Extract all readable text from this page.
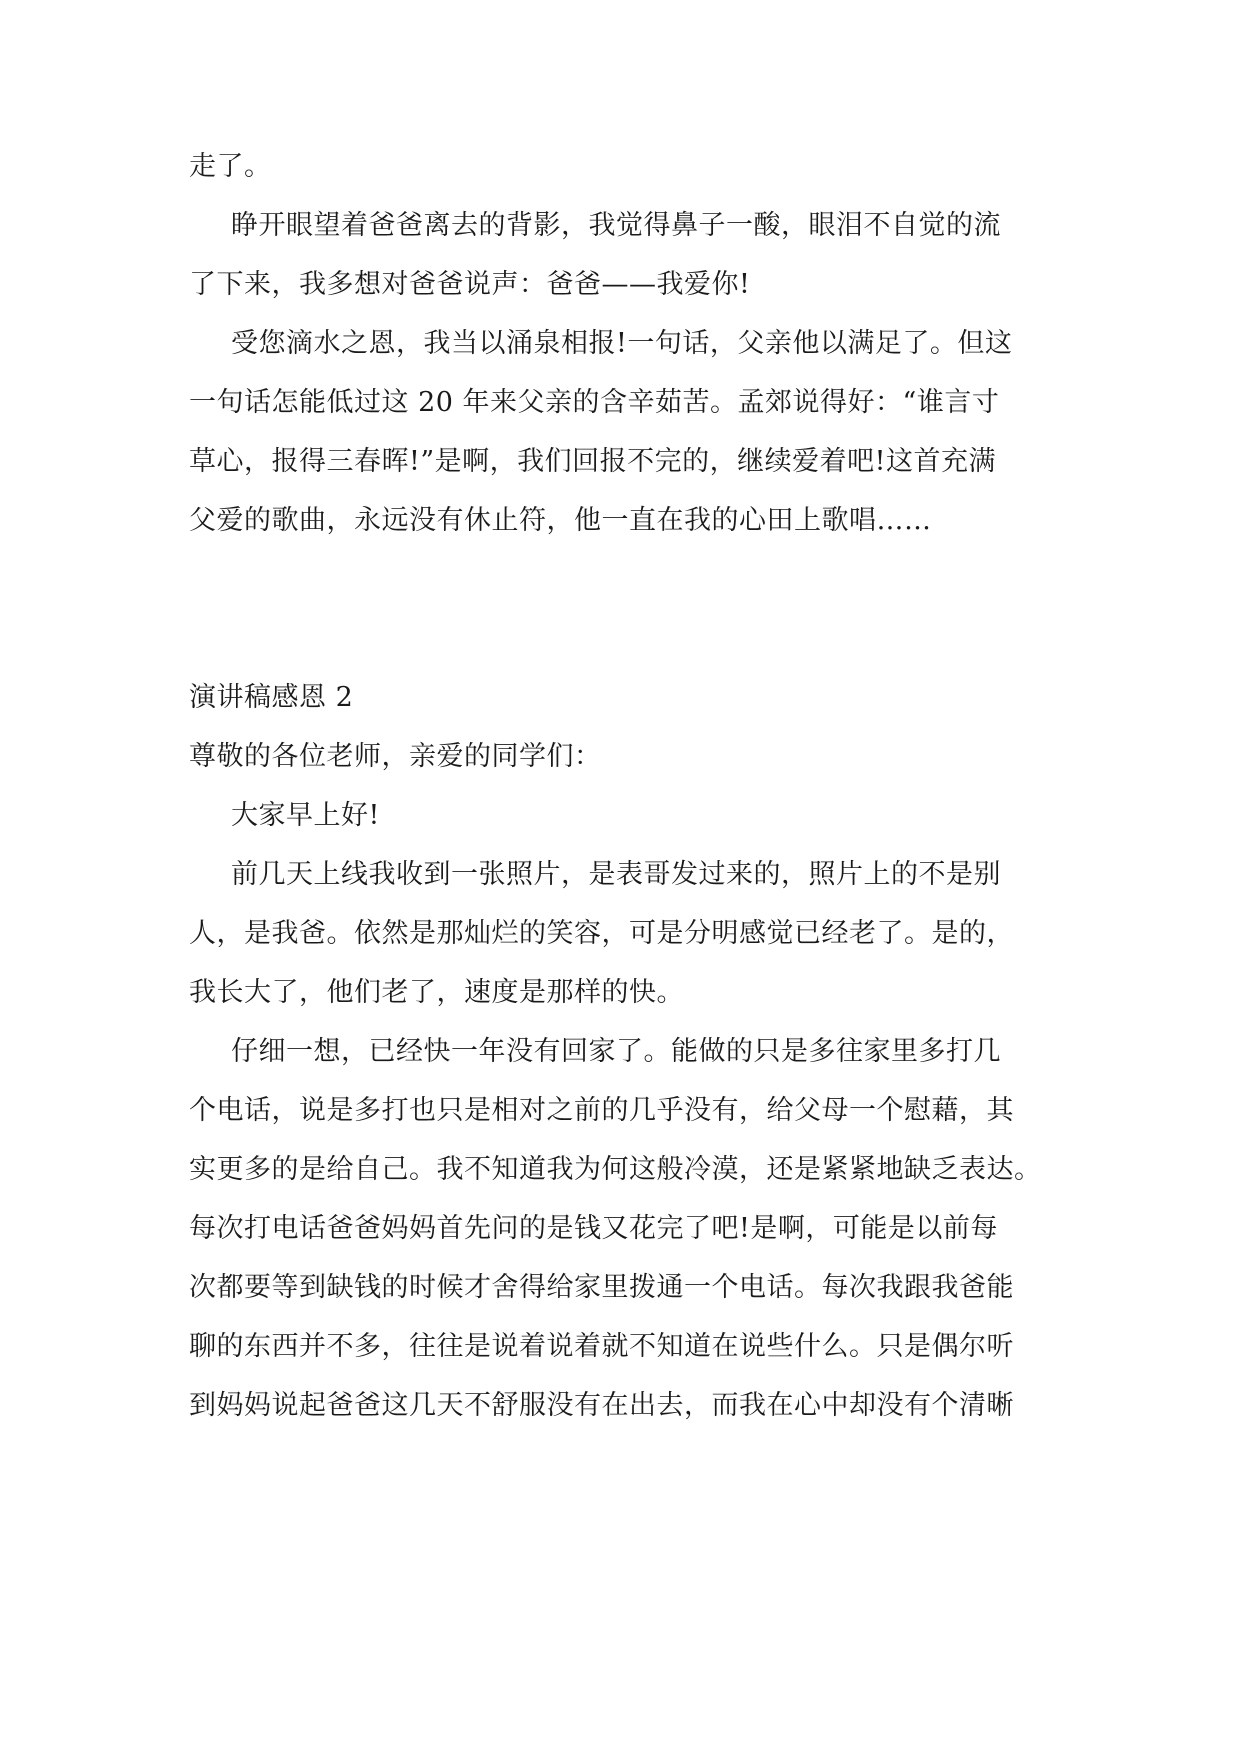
走了。
睁开眼望着爸爸离去的背影，我觉得鼻子一酸，眼泪不自觉的流
了下来，我多想对爸爸说声：爸爸——我爱你!
受您滴水之恩，我当以涌泉相报!一句话，父亲他以满足了。但这
一句话怎能低过这 20 年来父亲的含辛茹苦。孟郊说得好：“谁言寸
草心，报得三春晖!”是啊，我们回报不完的，继续爱着吧!这首充满
父爱的歌曲，永远没有休止符，他一直在我的心田上歌唱……
演讲稿感恩 2
尊敬的各位老师，亲爱的同学们：
大家早上好!
前几天上线我收到一张照片，是表哥发过来的，照片上的不是别
人，是我爸。依然是那灿烂的笑容，可是分明感觉已经老了。是的，
我长大了，他们老了，速度是那样的快。
仔细一想，已经快一年没有回家了。能做的只是多往家里多打几
个电话，说是多打也只是相对之前的几乎没有，给父母一个慰藉，其
实更多的是给自己。我不知道我为何这般冷漠，还是紧紧地缺乏表达。
每次打电话爸爸妈妈首先问的是钱又花完了吧!是啊，可能是以前每
次都要等到缺钱的时候才舍得给家里拨通一个电话。每次我跟我爸能
聊的东西并不多，往往是说着说着就不知道在说些什么。只是偶尔听
到妈妈说起爸爸这几天不舒服没有在出去，而我在心中却没有个清晰
